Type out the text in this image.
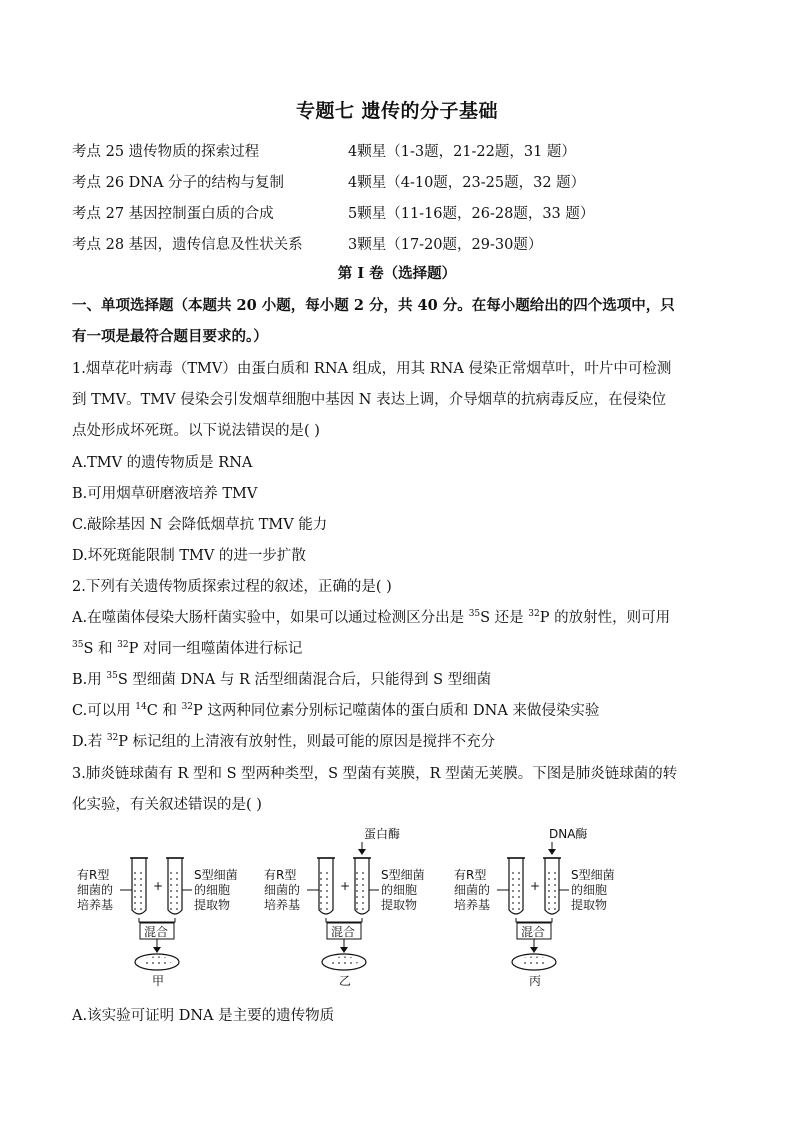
专题七 遗传的分子基础
考点 25 遗传物质的探索过程	4颗星（1-3题，21-22题，31 题）
考点 26 DNA 分子的结构与复制	4颗星（4-10题，23-25题，32 题）
考点 27 基因控制蛋白质的合成	5颗星（11-16题，26-28题，33 题）
考点 28 基因，遗传信息及性状关系	3颗星（17-20题，29-30题）
第 I 卷（选择题）
一、单项选择题（本题共 20 小题，每小题 2 分，共 40 分。在每小题给出的四个选项中，只
有一项是最符合题目要求的。）
1.烟草花叶病毒（TMV）由蛋白质和 RNA 组成，用其 RNA 侵染正常烟草叶，叶片中可检测
到 TMV。TMV 侵染会引发烟草细胞中基因 N 表达上调，介导烟草的抗病毒反应，在侵染位
点处形成坏死斑。以下说法错误的是( )
A.TMV 的遗传物质是 RNA
B.可用烟草研磨液培养 TMV
C.敲除基因 N 会降低烟草抗 TMV 能力
D.坏死斑能限制 TMV 的进一步扩散
2.下列有关遗传物质探索过程的叙述，正确的是( )
A.在噬菌体侵染大肠杆菌实验中，如果可以通过检测区分出是 $^{35}$S 还是 $^{32}$P 的放射性，则可用
$^{35}$S 和 $^{32}$P 对同一组噬菌体进行标记
B.用 $^{35}$S 型细菌 DNA 与 R 活型细菌混合后，只能得到 S 型细菌
C.可以用 $^{14}$C 和 $^{32}$P 这两种同位素分别标记噬菌体的蛋白质和 DNA 来做侵染实验
D.若 $^{32}$P 标记组的上清液有放射性，则最可能的原因是搅拌不充分
3.肺炎链球菌有 R 型和 S 型两种类型，S 型菌有荚膜，R 型菌无荚膜。下图是肺炎链球菌的转
化实验，有关叙述错误的是( )
有R型
细菌的
培养基
+
S型细菌
的细胞
提取物
混合
甲
有R型
细菌的
培养基
+
蛋白酶
S型细菌
的细胞
提取物
混合
乙
有R型
细菌的
培养基
+
DNA酶
S型细菌
的细胞
提取物
混合
丙
A.该实验可证明 DNA 是主要的遗传物质
